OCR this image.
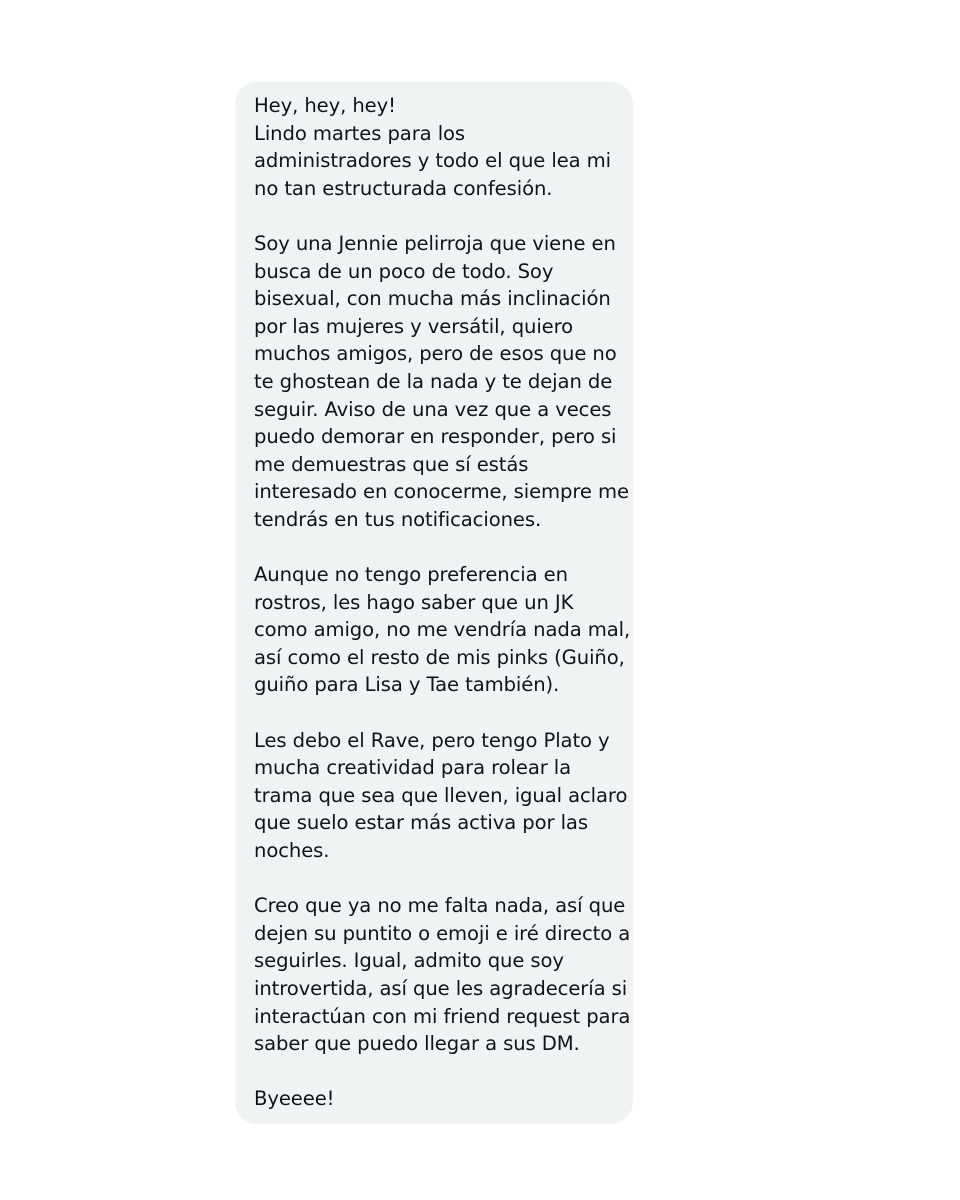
Hey, hey, hey!
Lindo martes para los
administradores y todo el que lea mi
no tan estructurada confesión.
Soy una Jennie pelirroja que viene en
busca de un poco de todo. Soy
bisexual, con mucha más inclinación
por las mujeres y versátil, quiero
muchos amigos, pero de esos que no
te ghostean de la nada y te dejan de
seguir. Aviso de una vez que a veces
puedo demorar en responder, pero si
me demuestras que sí estás
interesado en conocerme, siempre me
tendrás en tus notificaciones.
Aunque no tengo preferencia en
rostros, les hago saber que un JK
como amigo, no me vendría nada mal,
así como el resto de mis pinks (Guiño,
guiño para Lisa y Tae también).
Les debo el Rave, pero tengo Plato y
mucha creatividad para rolear la
trama que sea que lleven, igual aclaro
que suelo estar más activa por las
noches.
Creo que ya no me falta nada, así que
dejen su puntito o emoji e iré directo a
seguirles. Igual, admito que soy
introvertida, así que les agradecería si
interactúan con mi friend request para
saber que puedo llegar a sus DM.
Byeeee!
